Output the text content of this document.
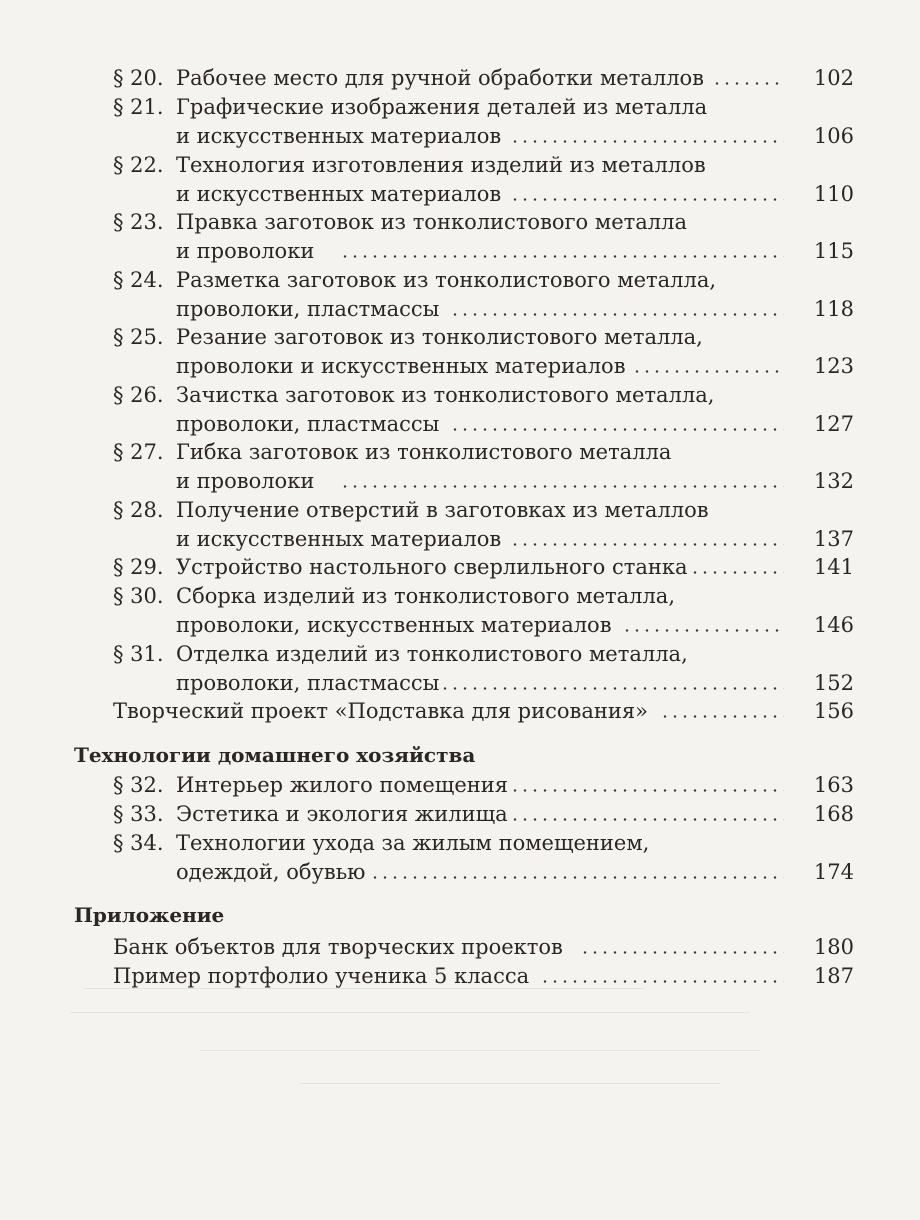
§ 20. Рабочее место для ручной обработки металлов	102
§ 21. Графические изображения деталей из металла
и искусственных материалов	106
§ 22. Технология изготовления изделий из металлов
и искусственных материалов	110
§ 23. Правка заготовок из тонколистового металла
и проволоки	115
§ 24. Разметка заготовок из тонколистового металла,
проволоки, пластмассы	118
§ 25. Резание заготовок из тонколистового металла,
проволоки и искусственных материалов	123
§ 26. Зачистка заготовок из тонколистового металла,
проволоки, пластмассы	127
§ 27. Гибка заготовок из тонколистового металла
и проволоки	132
§ 28. Получение отверстий в заготовках из металлов
и искусственных материалов	137
§ 29. Устройство настольного сверлильного станка	141
§ 30. Сборка изделий из тонколистового металла,
проволоки, искусственных материалов	146
§ 31. Отделка изделий из тонколистового металла,
проволоки, пластмассы	152
Творческий проект «Подставка для рисования»	156
Технологии домашнего хозяйства
§ 32. Интерьер жилого помещения	163
§ 33. Эстетика и экология жилища	168
§ 34. Технологии ухода за жилым помещением,
одеждой, обувью	174
Приложение
Банк объектов для творческих проектов	180
Пример портфолио ученика 5 класса	187
